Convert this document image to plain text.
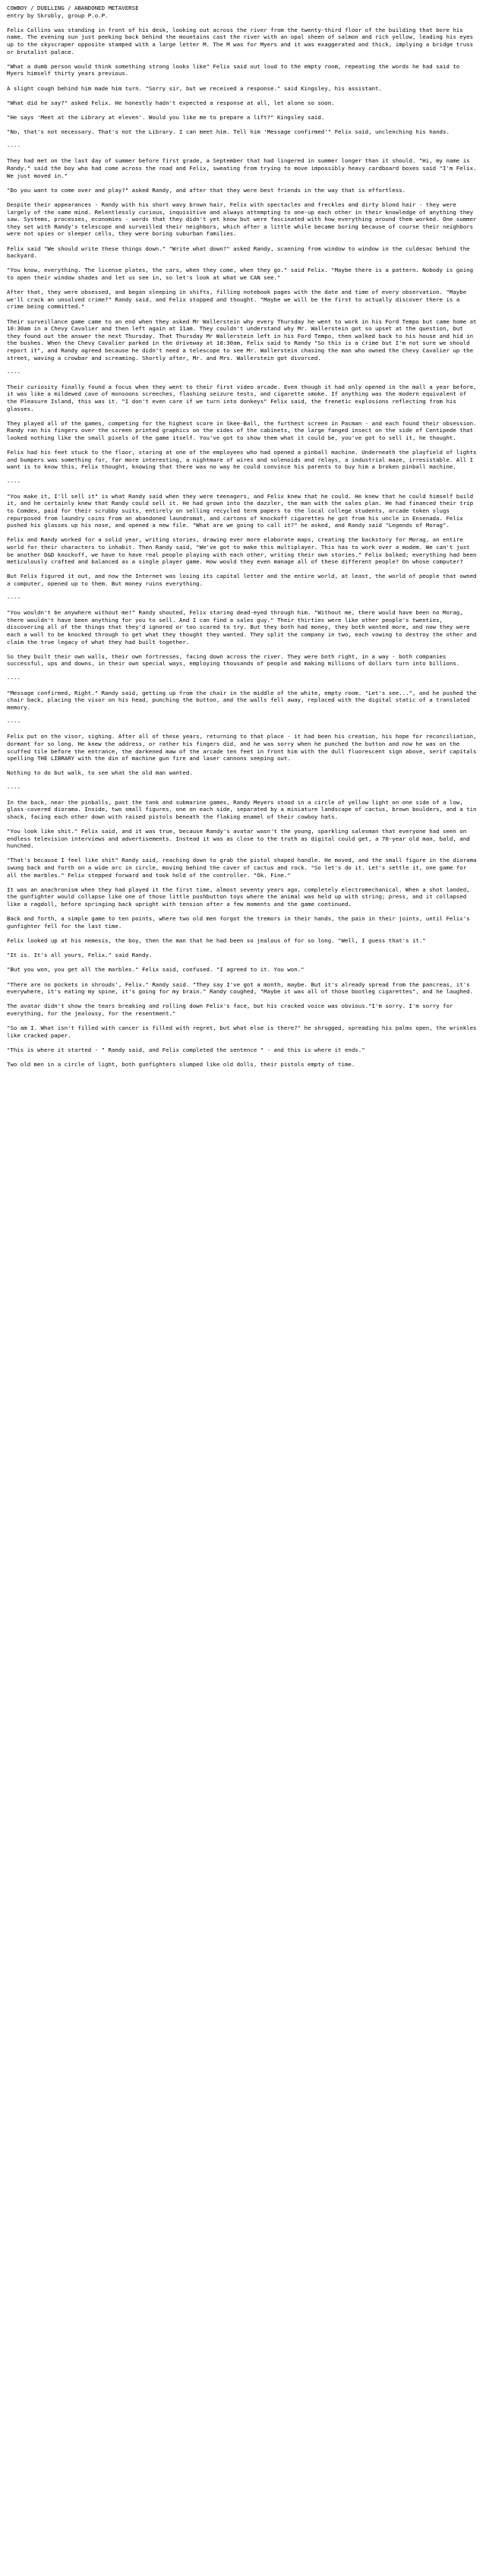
COWBOY / DUELLING / ABANDONED METAVERSE
entry by Skrubly, group P.o.P.

Felix Collins was standing in front of his desk, looking out across the river from the twenty-third floor of the building that bore his name. The evening sun just peeking back behind the mountains cast the river with an opal sheen of salmon and rich yellow, leading his eyes up to the skyscraper opposite stamped with a large letter M. The M was for Myers and it was exaggerated and thick, implying a bridge truss or brutalist palace.

"What a dumb person would think something strong looks like" Felix said out loud to the empty room, repeating the words he had said to Myers himself thirty years previous.

A slight cough behind him made him turn. "Sorry sir, but we received a response." said Kingsley, his assistant.

"What did he say?" asked Felix. He honestly hadn't expected a response at all, let alone so soon.

"He says 'Meet at the Library at eleven'. Would you like me to prepare a lift?" Kingsley said.

"No, that's not necessary. That's not the Library. I can meet him. Tell him 'Message confirmed'" Felix said, unclenching his hands.

----

They had met on the last day of summer before first grade, a September that had lingered in summer longer than it should. "Hi, my name is Randy." said the boy who had come across the road and Felix, sweating from trying to move impossibly heavy cardboard boxes said "I'm Felix. We just moved in."

"Do you want to come over and play?" asked Randy, and after that they were best friends in the way that is effortless.

Despite their appearances - Randy with his short wavy brown hair, Felix with spectacles and freckles and dirty blond hair - they were largely of the same mind. Relentlessly curious, inquisitive and always attempting to one-up each other in their knowledge of anything they saw. Systems, processes, economies - words that they didn't yet know but were fascinated with how everything around them worked. One summer they set with Randy's telescope and surveilled their neighbors, which after a little while became boring because of course their neighbors were not spies or sleeper cells, they were boring suburban families.

Felix said "We should write these things down." "Write what down?" asked Randy, scanning from window to window in the culdesac behind the backyard.

"You know, everything. The license plates, the cars, when they come, when they go." said Felix. "Maybe there is a pattern. Nobody is going to open their window shades and let us see in, so let's look at what we CAN see."

After that, they were obsessed, and began sleeping in shifts, filling notebook pages with the date and time of every observation. "Maybe we'll crack an unsolved crime?" Randy said, and Felix stopped and thought. "Maybe we will be the first to actually discover there is a crime being committed."

Their surveillance game came to an end when they asked Mr Wallerstein why every Thursday he went to work in his Ford Tempo but came home at 10:30am in a Chevy Cavalier and then left again at 11am. They couldn't understand why Mr. Wallerstein got so upset at the question, but they found out the answer the next Thursday. That Thursday Mr Wallerstein left in his Ford Tempo, then walked back to his house and hid in the bushes. When the Chevy Cavalier parked in the driveway at 10:30am, Felix said to Randy "So this is a crime but I'm not sure we should report it", and Randy agreed because he didn't need a telescope to see Mr. Wallerstein chasing the man who owned the Chevy Cavalier up the street, waving a crowbar and screaming. Shortly after, Mr. and Mrs. Wallerstein got divorced.

----

Their curiosity finally found a focus when they went to their first video arcade. Even though it had only opened in the mall a year before, it was like a mildewed cave of monsoons screeches, flashing seizure tests, and cigarette smoke. If anything was the modern equivalent of the Pleasure Island, this was it. "I don't even care if we turn into donkeys" Felix said, the frenetic explosions reflecting from his glasses.

They played all of the games, competing for the highest score in Skee-Ball, the furthest screen in Pacman - and each found their obsession. Randy ran his fingers over the screen printed graphics on the sides of the cabinets, the large fanged insect on the side of Centipede that looked nothing like the small pixels of the game itself. You've got to show them what it could be, you've got to sell it, he thought.

Felix had his feet stuck to the floor, staring at one of the employees who had opened a pinball machine. Underneath the playfield of lights and bumpers was something for, far more interesting, a nightmare of wires and solenoids and relays, a industrial maze, irresistable. All I want is to know this, Felix thought, knowing that there was no way he could convince his parents to buy him a broken pinball machine.

----

"You make it, I'll sell it" is what Randy said when they were teenagers, and Felix knew that he could. He knew that he could himself build it, and he certainly knew that Randy could sell it. He had grown into the dazzler, the man with the sales plan. He had financed their trip to Comdex, paid for their scrubby suits, entirely on selling recycled term papers to the local college students, arcade token slugs repurposed from laundry coins from an abandoned laundromat, and cartons of knockoff cigarettes he got from his uncle in Ensenada. Felix pushed his glasses up his nose, and opened a new file. "What are we going to call it?" he asked, and Randy said "Legends of Morag".

Felix and Randy worked for a solid year, writing stories, drawing ever more elaborate maps, creating the backstory for Morag, an entire world for their characters to inhabit. Then Randy said, "We've got to make this multiplayer. This has to work over a modem. We can't just be another D&D knockoff, we have to have real people playing with each other, writing their own stories." Felix balked; everything had been meticulously crafted and balanced as a single player game. How would they even manage all of these different people? On whose computer?

But Felix figured it out, and now the Internet was losing its capital letter and the entire world, at least, the world of people that owned a computer, opened up to them. But money ruins everything.

----

"You wouldn't be anywhere without me!" Randy shouted, Felix staring dead-eyed through him. "Without me, there would have been no Morag, there wouldn't have been anything for you to sell. And I can find a sales guy." Their thirties were like other people's twenties, discovering all of the things that they'd ignored or too scared to try. But they both had money, they both wanted more, and now they were each a wall to be knocked through to get what they thought they wanted. They split the company in two, each vowing to destroy the other and claim the true legacy of what they had built together.

So they built their own walls, their own fortresses, facing down across the river. They were both right, in a way - both companies successful, ups and downs, in their own special ways, employing thousands of people and making millions of dollars turn into billions.

----

"Message confirmed, Right." Randy said, getting up from the chair in the middle of the white, empty room. "Let's see...", and he pushed the chair back, placing the visor on his head, punching the button, and the walls fell away, replaced with the digital static of a translated memory.

----

Felix put on the visor, sighing. After all of these years, returning to that place - it had been his creation, his hope for reconciliation, dormant for so long. He knew the address, or rather his fingers did, and he was sorry when he punched the button and now he was on the scuffed tile before the entrance, the darkened maw of the arcade ten feet in front him with the dull fluorescent sign above, serif capitals spelling THE LIBRARY with the din of machine gun fire and laser cannons seeping out.

Nothing to do but walk, to see what the old man wanted.

----

In the back, near the pinballs, past the tank and submarine games, Randy Meyers stood in a circle of yellow light on one side of a low, glass-covered diorama. Inside, two small figures, one on each side, separated by a miniature landscape of cactus, brown boulders, and a tin shack, facing each other down with raised pistols beneath the flaking enamel of their cowboy hats.

"You look like shit." Felix said, and it was true, because Randy's avatar wasn't the young, sparkling salesman that everyone had seen on endless television interviews and advertisements. Instead it was as close to the truth as digital could get, a 70-year old man, bald, and hunched.

"That's because I feel like shit" Randy said, reaching down to grab the pistol shaped handle. He moved, and the small figure in the diorama swung back and forth on a wide arc in circle, moving behind the cover of cactus and rock. "So let's do it. Let's settle it, one game for all the marbles." Felix stepped forward and took hold of the controller. "Ok. Fine."

It was an anachronism when they had played it the first time, almost seventy years ago, completely electromechanical. When a shot landed, the gunfighter would collapse like one of those little pushbutton toys where the animal was held up with string; press, and it collapsed like a ragdoll, before springing back upright with tension after a few moments and the game continued.

Back and forth, a simple game to ten points, where two old men forgot the tremors in their hands, the pain in their joints, until Felix's gunfighter fell for the last time.

Felix looked up at his nemesis, the boy, then the man that he had been so jealous of for so long. "Well, I guess that's it."

"It is. It's all yours, Felix." said Randy.

"But you won, you get all the marbles." Felix said, confused. "I agreed to it. You won."

"There are no pockets in shrouds', Felix." Randy said. "They say I've got a month, maybe. But it's already spread from the pancreas, it's everywhere, it's eating my spine, it's going for my brain." Randy coughed, "Maybe it was all of those bootleg cigarettes", and he laughed.

The avatar didn't show the tears breaking and rolling down Felix's face, but his cracked voice was obvious."I'm sorry. I'm sorry for everything, for the jealousy, for the resentment."

"So am I. What isn't filled with cancer is filled with regret, but what else is there?" he shrugged, spreading his palms open, the wrinkles like cracked paper.

"This is where it started - " Randy said, and Felix completed the sentence " - and this is where it ends."

Two old men in a circle of light, both gunfighters slumped like old dolls, their pistols empty of time.
